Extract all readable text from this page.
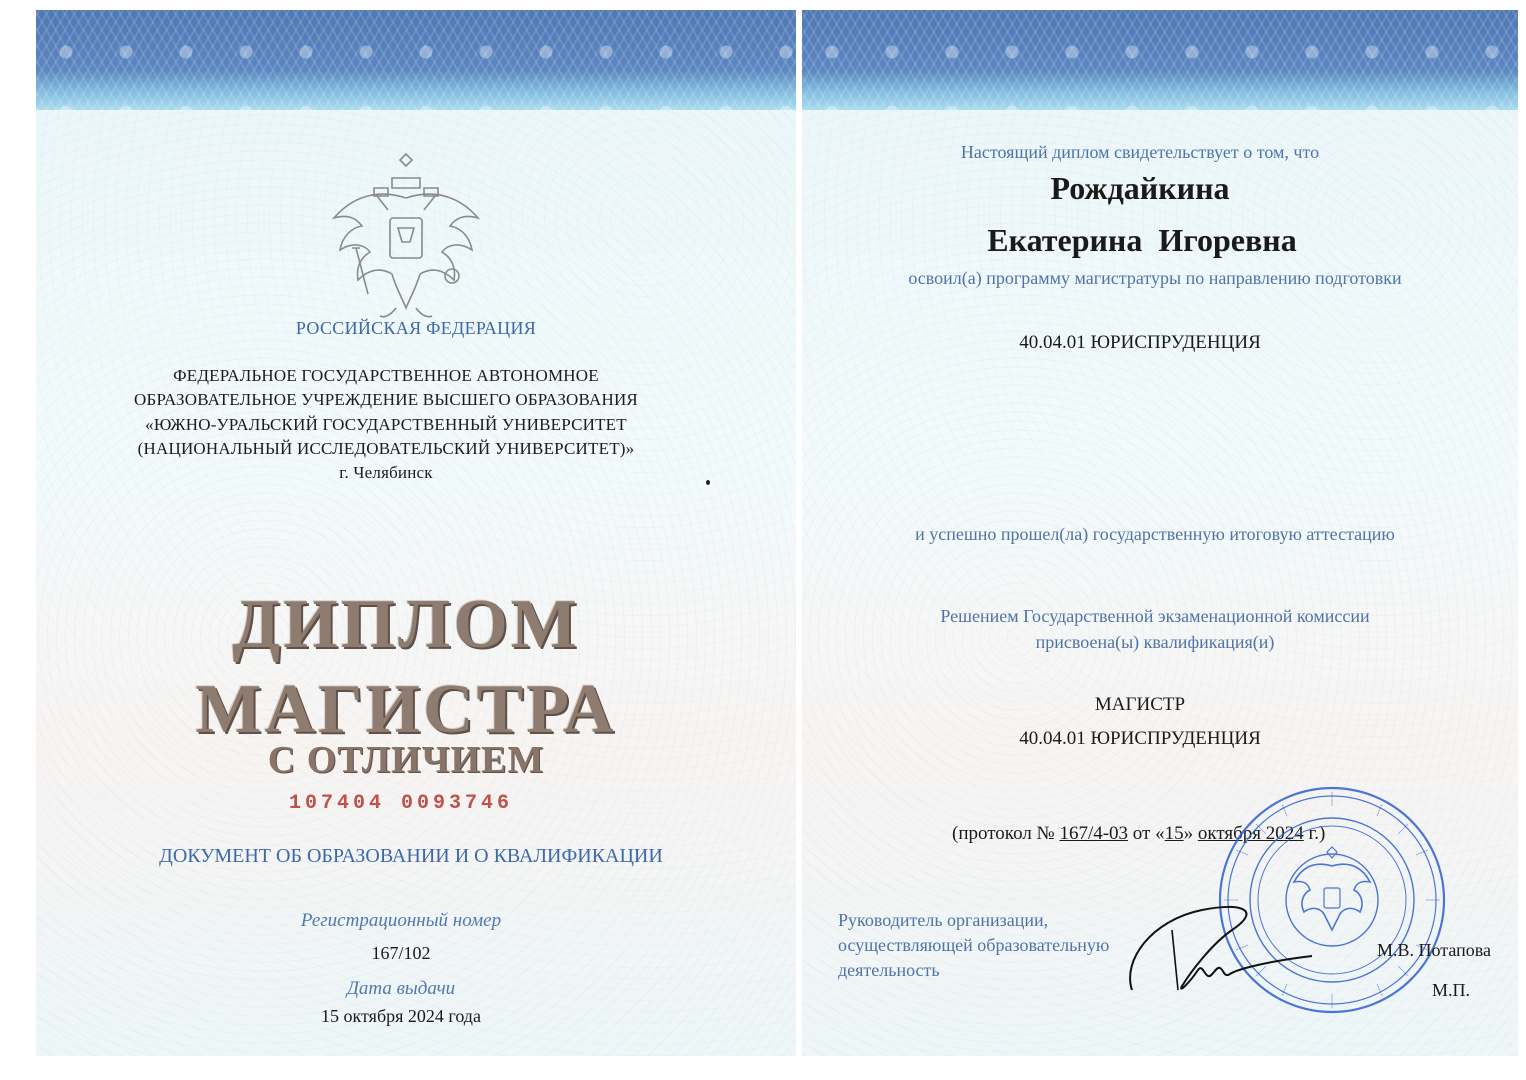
РОССИЙСКАЯ ФЕДЕРАЦИЯ
ФЕДЕРАЛЬНОЕ ГОСУДАРСТВЕННОЕ АВТОНОМНОЕ
ОБРАЗОВАТЕЛЬНОЕ УЧРЕЖДЕНИЕ ВЫСШЕГО ОБРАЗОВАНИЯ
«ЮЖНО-УРАЛЬСКИЙ ГОСУДАРСТВЕННЫЙ УНИВЕРСИТЕТ
(НАЦИОНАЛЬНЫЙ ИССЛЕДОВАТЕЛЬСКИЙ УНИВЕРСИТЕТ)»
г. Челябинск
ДИПЛОМ
МАГИСТРА
С ОТЛИЧИЕМ
107404 0093746
ДОКУМЕНТ ОБ ОБРАЗОВАНИИ И О КВАЛИФИКАЦИИ
Регистрационный номер
167/102
Дата выдачи
15 октября 2024 года
Настоящий диплом свидетельствует о том, что
Рождайкина
Екатерина Игоревна
освоил(а) программу магистратуры по направлению подготовки
40.04.01 ЮРИСПРУДЕНЦИЯ
и успешно прошел(ла) государственную итоговую аттестацию
Решением Государственной экзаменационной комиссии
присвоена(ы) квалификация(и)
МАГИСТР
40.04.01 ЮРИСПРУДЕНЦИЯ
(протокол № 167/4-03 от «15» октября 2024 г.)
Руководитель организации,
осуществляющей образовательную
деятельность
М.В. Потапова
М.П.
